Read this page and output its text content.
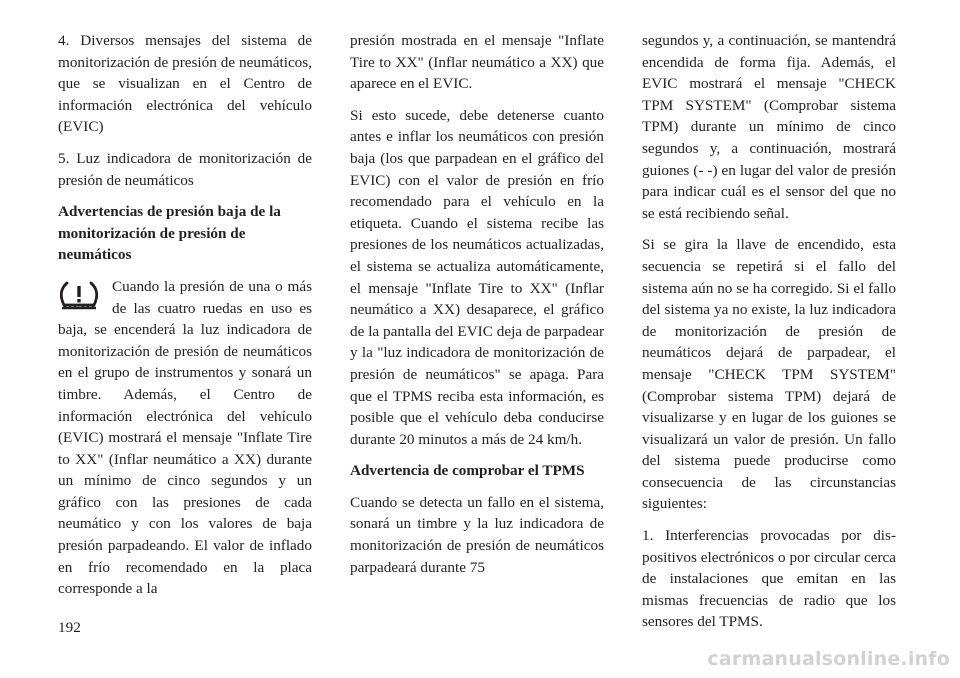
4. Diversos mensajes del sistema de monitorización de presión de neumáticos, que se visualizan en el Centro de información electrónica del vehículo (EVIC)

5. Luz indicadora de monitorización de presión de neumáticos

Advertencias de presión baja de la monitorización de presión de neumáticos

Cuando la presión de una o más de las cuatro ruedas en uso es baja, se encenderá la luz indicadora de monitorización de presión de neumáticos en el grupo de instrumentos y sonará un timbre. Además, el Centro de información electrónica del vehículo (EVIC) mostrará el mensaje "Inflate Tire to XX" (Inflar neumático a XX) durante un mínimo de cinco segundos y un gráfico con las presiones de cada neumático y con los valores de baja presión parpadeando. El valor de inflado en frío recomendado en la placa corresponde a la

presión mostrada en el mensaje "Inflate Tire to XX" (Inflar neumático a XX) que aparece en el EVIC.

Si esto sucede, debe detenerse cuanto antes e inflar los neumáticos con presión baja (los que parpadean en el gráfico del EVIC) con el valor de presión en frío recomendado para el vehículo en la etiqueta. Cuando el sistema recibe las presiones de los neumáticos actualizadas, el sistema se actualiza automáticamente, el mensaje "Inflate Tire to XX" (Inflar neumático a XX) desaparece, el gráfico de la pantalla del EVIC deja de parpadear y la "luz indicadora de monitorización de presión de neumáticos" se apaga. Para que el TPMS reciba esta información, es posible que el vehículo deba conducirse durante 20 minutos a más de 24 km/h.

Advertencia de comprobar el TPMS

Cuando se detecta un fallo en el sistema, sonará un timbre y la luz indicadora de monitorización de presión de neumáticos parpadeará durante 75

segundos y, a continuación, se mantendrá encendida de forma fija. Además, el EVIC mostrará el mensaje "CHECK TPM SYSTEM" (Comprobar sistema TPM) durante un mínimo de cinco segundos y, a continuación, mostrará guiones (- -) en lugar del valor de presión para indicar cuál es el sensor del que no se está recibiendo señal.

Si se gira la llave de encendido, esta secuencia se repetirá si el fallo del sistema aún no se ha corregido. Si el fallo del sistema ya no existe, la luz indicadora de monitorización de presión de neumáticos dejará de parpadear, el mensaje "CHECK TPM SYSTEM" (Comprobar sistema TPM) dejará de visualizarse y en lugar de los guiones se visualizará un valor de presión. Un fallo del sistema puede producirse como consecuencia de las circunstancias siguientes:

1. Interferencias provocadas por dispositivos electrónicos o por circular cerca de instalaciones que emitan en las mismas frecuencias de radio que los sensores del TPMS.

192
carmanualsonline.info
